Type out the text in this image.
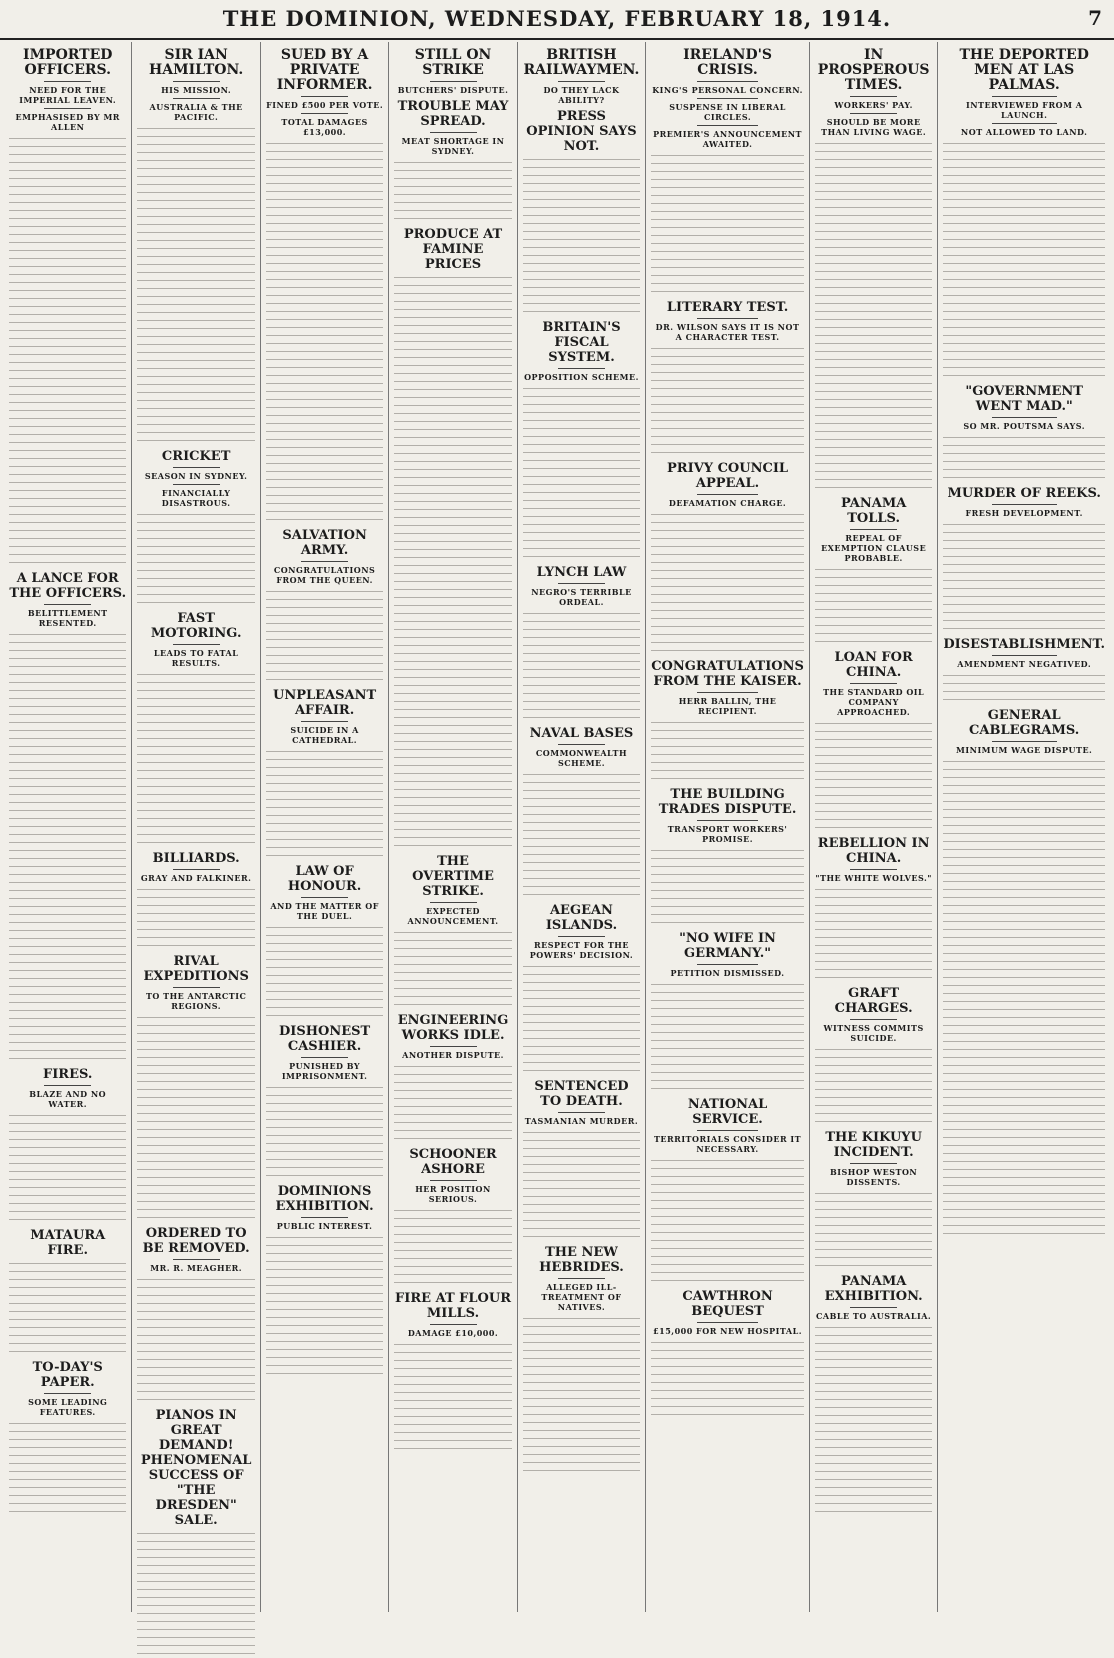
THE DOMINION, WEDNESDAY, FEBRUARY 18, 1914.	7
IMPORTED OFFICERS.
NEED FOR THE IMPERIAL LEAVEN.
EMPHASISED BY MR ALLEN
A LANCE FOR THE OFFICERS.
BELITTLEMENT RESENTED.
FIRES.
BLAZE AND NO WATER.
MATAURA FIRE.
TO-DAY'S PAPER.
SOME LEADING FEATURES.
SIR IAN HAMILTON.
HIS MISSION.
AUSTRALIA & THE PACIFIC.
CRICKET
SEASON IN SYDNEY.
FINANCIALLY DISASTROUS.
FAST MOTORING.
LEADS TO FATAL RESULTS.
BILLIARDS.
GRAY AND FALKINER.
RIVAL EXPEDITIONS
TO THE ANTARCTIC REGIONS.
ORDERED TO BE REMOVED.
MR. R. MEAGHER.
PIANOS IN GREAT DEMAND! PHENOMENAL SUCCESS OF "THE DRESDEN" SALE.
SUED BY A PRIVATE INFORMER.
FINED £500 PER VOTE.
TOTAL DAMAGES £13,000.
SALVATION ARMY.
CONGRATULATIONS FROM THE QUEEN.
UNPLEASANT AFFAIR.
SUICIDE IN A CATHEDRAL.
LAW OF HONOUR.
AND THE MATTER OF THE DUEL.
DISHONEST CASHIER.
PUNISHED BY IMPRISONMENT.
DOMINIONS EXHIBITION.
PUBLIC INTEREST.
STILL ON STRIKE
BUTCHERS' DISPUTE.
TROUBLE MAY SPREAD.
MEAT SHORTAGE IN SYDNEY.
PRODUCE AT FAMINE PRICES
THE OVERTIME STRIKE.
EXPECTED ANNOUNCEMENT.
ENGINEERING WORKS IDLE.
ANOTHER DISPUTE.
SCHOONER ASHORE
HER POSITION SERIOUS.
FIRE AT FLOUR MILLS.
DAMAGE £10,000.
BRITISH RAILWAYMEN.
DO THEY LACK ABILITY?
PRESS OPINION SAYS NOT.
BRITAIN'S FISCAL SYSTEM.
OPPOSITION SCHEME.
LYNCH LAW
NEGRO'S TERRIBLE ORDEAL.
NAVAL BASES
COMMONWEALTH SCHEME.
AEGEAN ISLANDS.
RESPECT FOR THE POWERS' DECISION.
SENTENCED TO DEATH.
TASMANIAN MURDER.
THE NEW HEBRIDES.
ALLEGED ILL-TREATMENT OF NATIVES.
IRELAND'S CRISIS.
KING'S PERSONAL CONCERN.
SUSPENSE IN LIBERAL CIRCLES.
PREMIER'S ANNOUNCEMENT AWAITED.
LITERARY TEST.
DR. WILSON SAYS IT IS NOT A CHARACTER TEST.
PRIVY COUNCIL APPEAL.
DEFAMATION CHARGE.
CONGRATULATIONS FROM THE KAISER.
HERR BALLIN, THE RECIPIENT.
THE BUILDING TRADES DISPUTE.
TRANSPORT WORKERS' PROMISE.
"NO WIFE IN GERMANY."
PETITION DISMISSED.
NATIONAL SERVICE.
TERRITORIALS CONSIDER IT NECESSARY.
CAWTHRON BEQUEST
£15,000 FOR NEW HOSPITAL.
IN PROSPEROUS TIMES.
WORKERS' PAY.
SHOULD BE MORE THAN LIVING WAGE.
PANAMA TOLLS.
REPEAL OF EXEMPTION CLAUSE PROBABLE.
LOAN FOR CHINA.
THE STANDARD OIL COMPANY APPROACHED.
REBELLION IN CHINA.
"THE WHITE WOLVES."
GRAFT CHARGES.
WITNESS COMMITS SUICIDE.
THE KIKUYU INCIDENT.
BISHOP WESTON DISSENTS.
PANAMA EXHIBITION.
CABLE TO AUSTRALIA.
THE DEPORTED MEN AT LAS PALMAS.
INTERVIEWED FROM A LAUNCH.
NOT ALLOWED TO LAND.
"GOVERNMENT WENT MAD."
SO MR. POUTSMA SAYS.
MURDER OF REEKS.
FRESH DEVELOPMENT.
DISESTABLISHMENT.
AMENDMENT NEGATIVED.
GENERAL CABLEGRAMS.
MINIMUM WAGE DISPUTE.
